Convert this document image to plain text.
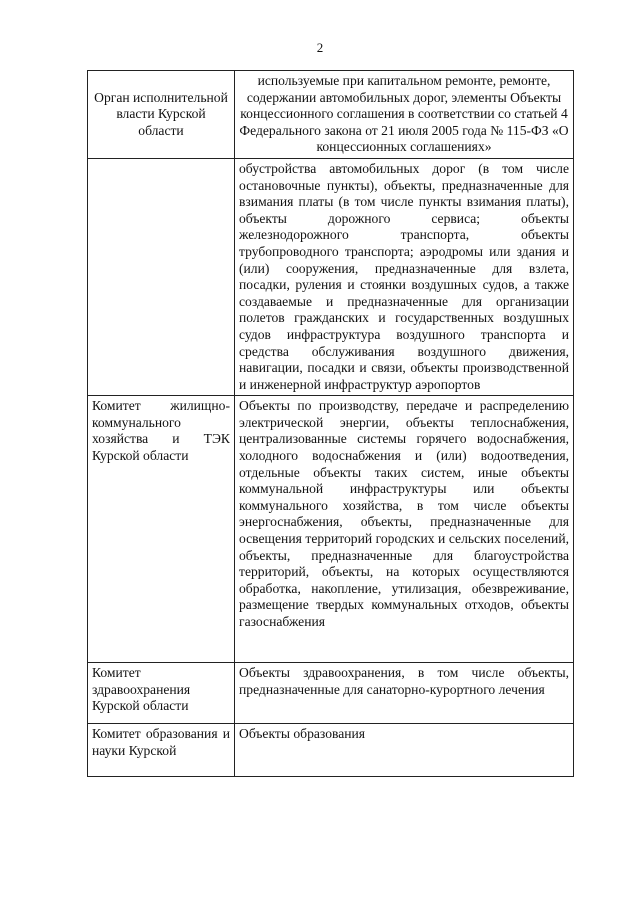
2
Орган исполнительной власти Курской области	используемые при капитальном ремонте, ремонте, содержании автомобильных дорог, элементы Объекты концессионного соглашения в соответствии со статьей 4 Федерального закона от 21 июля 2005 года № 115-ФЗ «О концессионных соглашениях»
	обустройства автомобильных дорог (в том числе остановочные пункты), объекты, предназначенные для взимания платы (в том числе пункты взимания платы), объекты дорожного сервиса; объекты железнодорожного транспорта, объекты трубопроводного транспорта; аэродромы или здания и (или) сооружения, предназначенные для взлета, посадки, руления и стоянки воздушных судов, а также создаваемые и предназначенные для организации полетов гражданских и государственных воздушных судов инфраструктура воздушного транспорта и средства обслуживания воздушного движения, навигации, посадки и связи, объекты производственной и инженерной инфраструктур аэропортов
Комитет жилищно-коммунального хозяйства и ТЭК Курской области	Объекты по производству, передаче и распределению электрической энергии, объекты теплоснабжения, централизованные системы горячего водоснабжения, холодного водоснабжения и (или) водоотведения, отдельные объекты таких систем, иные объекты коммунальной инфраструктуры или объекты коммунального хозяйства, в том числе объекты энергоснабжения, объекты, предназначенные для освещения территорий городских и сельских поселений, объекты, предназначенные для благоустройства территорий, объекты, на которых осуществляются обработка, накопление, утилизация, обезвреживание, размещение твердых коммунальных отходов, объекты газоснабжения
Комитет здравоохранения Курской области	Объекты здравоохранения, в том числе объекты, предназначенные для санаторно-курортного лечения
Комитет образования и науки Курской	Объекты образования
